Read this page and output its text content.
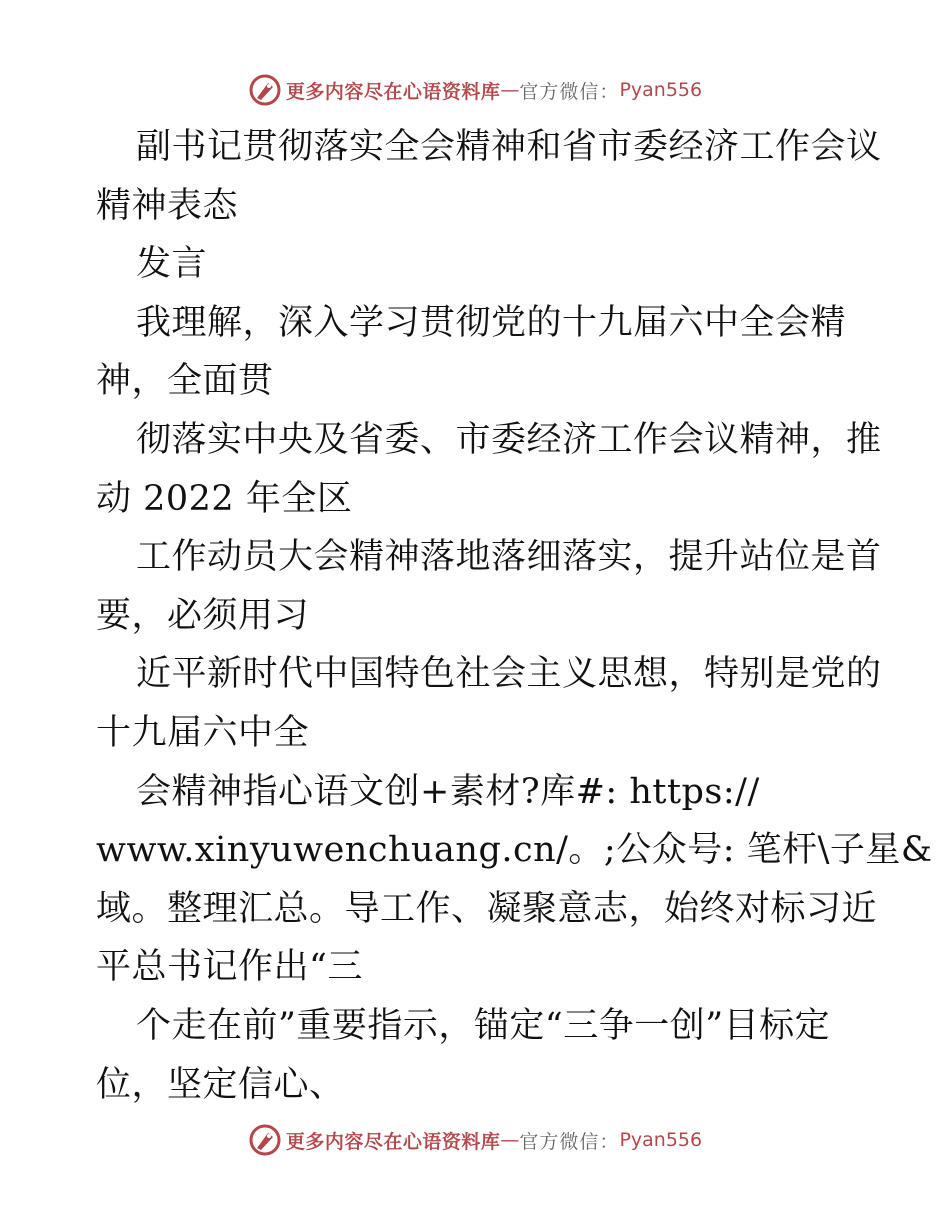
更多内容尽在心语资料库 — 官方微信： Pyan556
副书记贯彻落实全会精神和省市委经济工作会议
精神表态
发言
我理解，深入学习贯彻党的十九届六中全会精
神，全面贯
彻落实中央及省委、市委经济工作会议精神，推
动 2022 年全区
工作动员大会精神落地落细落实，提升站位是首
要，必须用习
近平新时代中国特色社会主义思想，特别是党的
十九届六中全
会精神指心语文创+素材?库#: https://
www.xinyuwenchuang.cn/。;公众号: 笔杆\子星&
域。整理汇总。导工作、凝聚意志，始终对标习近
平总书记作出“三
个走在前”重要指示，锚定“三争一创”目标定
位，坚定信心、
更多内容尽在心语资料库 — 官方微信： Pyan556
